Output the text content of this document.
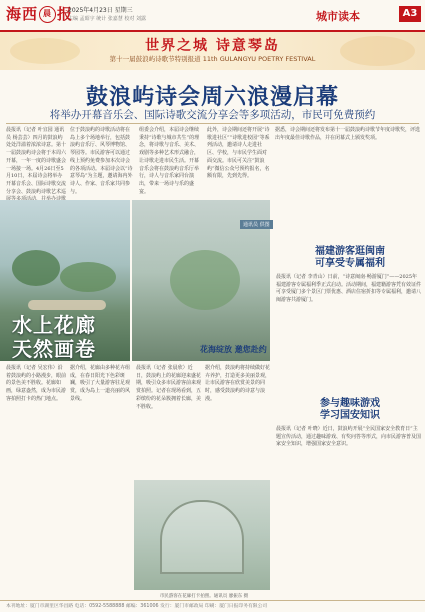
海西 晨 报
2025年4月23日 星期三
主编 孟昭宇 统计 张嘉慧 校对 刘露	城市读本	A3
世界之城 诗意琴岛
第十一届鼓浪屿诗歌节特别报道 11th GULANGYU POETRY FESTIVAL
鼓浪屿诗会周六浪漫启幕
将举办开幕音乐会、国际诗歌交流分享会等多项活动，市民可免费预约
晨报讯（记者 叶宜园 通讯员 杨芸芸）四月的鼓浪屿处处洋溢着浓浓诗意。第十一届鼓浪屿诗会将于本周六开幕，一年一度的诗歌盛会一场接一场。4月26日至5月10日，本届诗会将举办开幕音乐会、国际诗歌交流分享会、鼓浪屿诗歌艺术巡
位于鼓浪屿的诗歌活动将在岛上多个场地举行，包括鼓浪屿音乐厅、风琴博物馆、琴园等。市民游客可以通过线上预约免费参加本次诗会的各项活动。本届诗会以“诗意琴岛”为主题，邀请海内外诗人、作家、音乐家共同参与。
组委会介绍，本届诗会继续秉持“诗歌与城市共生”的理念，将诗歌与音乐、美术、戏剧等多种艺术形式融合，让诗歌走进市民生活。开幕音乐会将在鼓浪屿音乐厅举行，诗人与音乐家同台演出，带来一场诗与乐的盛宴。
此外，诗会期间还将开展“诗歌进社区”“诗歌进校园”等系列活动，邀请诗人走进社区、学校，与市民学生面对面交流。市民可关注“鼓浪屿”微信公众号预约报名，名额有限，先到先得。
据悉，诗会期间还将发布第十一届鼓浪屿诗歌节年度诗歌奖，评选出年度最佳诗歌作品，并在闭幕式上颁发奖项。
福建游客逛闽南
可享受专属福利
晨报讯（记者 李青山）日前，“诗意闽南·畅游厦门”——2025年福建游客专属福利季正式启动。活动期间，福建籍游客凭有效证件可享受厦门多个景区门票优惠、酒店住宿折扣等专属福利，邀请八闽游客共游厦门。
参与趣味游戏
学习国安知识
晨报讯（记者 叶晓）近日，鼓浪屿开展“全民国家安全教育日”主题宣传活动，通过趣味游戏、有奖问答等形式，向市民游客普及国家安全知识，增强国家安全意识。
水上花廊
天然画卷
通讯员 供图
花海绽放 邀您赴约
晨报讯（记者 吴宏伟）沿着鼓浪屿的小路漫步，眼前的景色美不胜收。花廊如画，绿意盎然，成为市民游客拍照打卡的热门地点。
据介绍，花廊由多种花卉组成，在春日阳光下色彩斑斓，吸引了大量游客驻足观赏，成为岛上一道亮丽的风景线。
晨报讯（记者 张晨欣）近日，鼓浪屿上的花廊迎来盛花期，吸引众多市民游客前来观赏拍照。记者在现场看到，五彩缤纷的花朵簇拥着长廊，美不胜收。
据介绍，鼓浪屿将持续做好花卉养护，打造更多美丽景观，让市民游客在欣赏美景的同时，感受鼓浪屿的诗意与浪漫。
市民游客在花廊打卡拍照。通讯员 廖振东 摄
本刊地址：厦门市湖里区华昌路 电话：0592-5588888 邮编：361006 发行：厦门市邮政局 印刷：厦门日报印务有限公司
